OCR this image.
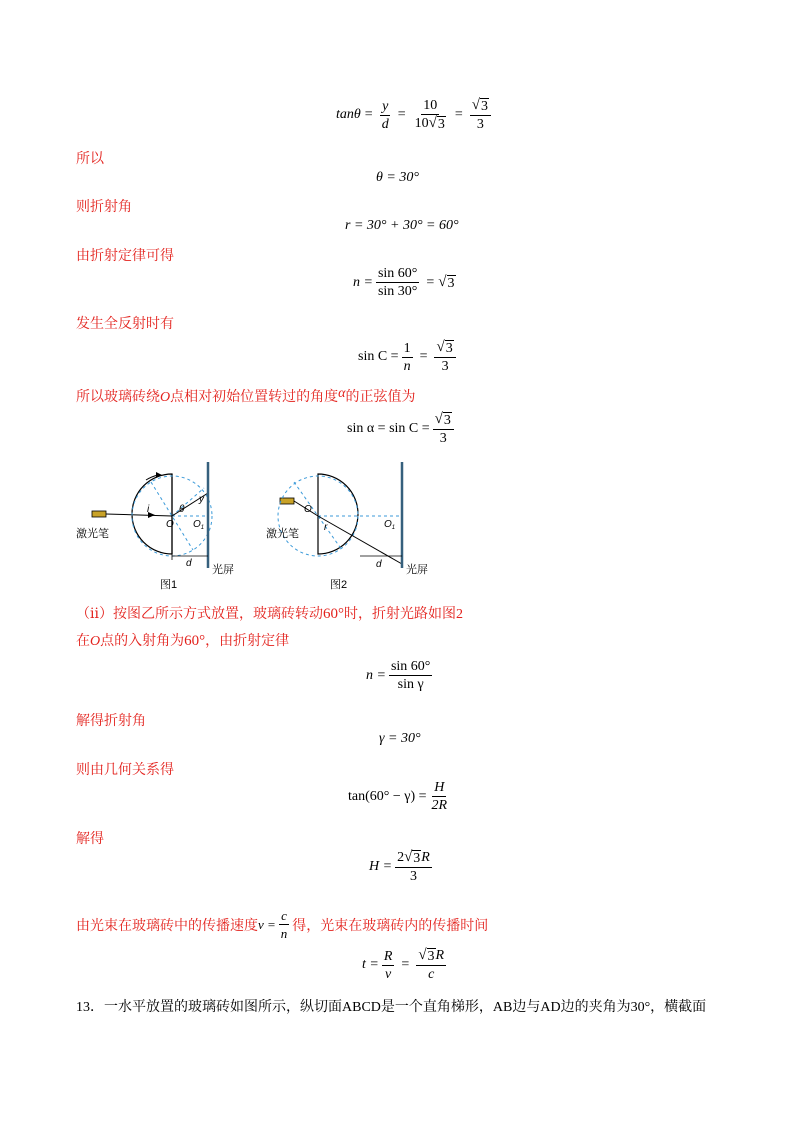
$\tan\theta = \frac{y}{d} = \frac{10}{10 √ 3} = \frac{√ 3}{3}$
所以
θ = 30°
则折射角
r = 30° + 30° = 60°
由折射定律可得
$n = \frac{\sin 60^\circ}{\sin 30^\circ}$ = √ 3
发生全反射时有
$\sin C = \frac{1}{n} = \frac{√ 3}{3}$
所以玻璃砖绕O点相对初始位置转过的角度α的正弦值为
$\sin \alpha = \sin C = \frac{√ 3}{3}$
i	θ
y
O $O_1$
d
激光笔
光屏
图1
O
r	$O_1$
d
激光笔
光屏
图2
（ⅱ）按图乙所示方式放置，玻璃砖转动60°时，折射光路如图2
在O点的入射角为60°，由折射定律
$n = \frac{\sin 60^\circ}{\text{sin γ}}$
解得折射角
γ = 30°
则由几何关系得
$\tan(60^\circ - \gamma) = \frac{H}{2R}$
解得
$H = \frac{2 √ 3 R}{3}$
由光束在玻璃砖中的传播速度 $v = \frac{c}{n}$ 得，光束在玻璃砖内的传播时间
$t = \frac{R}{v} = \frac{√ 3 R}{c}$
13．一水平放置的玻璃砖如图所示，纵切面ABCD是一个直角梯形，AB边与AD边的夹角为30°，横截面
